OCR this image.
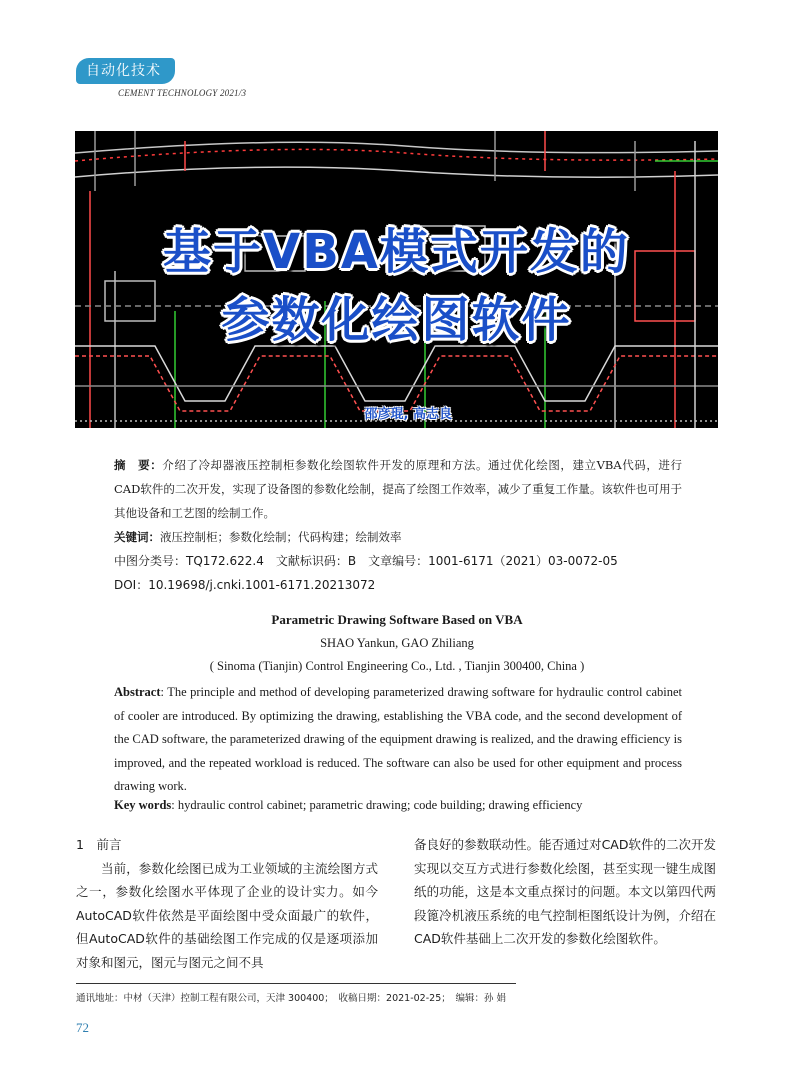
自动化技术
CEMENT TECHNOLOGY 2021/3
基于VBA模式开发的
参数化绘图软件
邵彦琨, 高志良

摘　要：介绍了冷却器液压控制柜参数化绘图软件开发的原理和方法。通过优化绘图，建立VBA代码，进行CAD软件的二次开发，实现了设备图的参数化绘制，提高了绘图工作效率，减少了重复工作量。该软件也可用于其他设备和工艺图的绘制工作。

关键词：液压控制柜；参数化绘制；代码构建；绘制效率

中图分类号：TQ172.622.4　文献标识码：B　文章编号：1001-6171（2021）03-0072-05

DOI：10.19698/j.cnki.1001-6171.20213072

Parametric Drawing Software Based on VBA
SHAO Yankun, GAO Zhiliang
( Sinoma (Tianjin) Control Engineering Co., Ltd. , Tianjin 300400, China )
Abstract: The principle and method of developing parameterized drawing software for hydraulic control cabinet of cooler are introduced. By optimizing the drawing, establishing the VBA code, and the second development of the CAD software, the parameterized drawing of the equipment drawing is realized, and the drawing efficiency is improved, and the repeated workload is reduced. The software can also be used for other equipment and process drawing work.
Key words: hydraulic control cabinet; parametric drawing; code building; drawing efficiency

1　前言

当前，参数化绘图已成为工业领域的主流绘图方式之一，参数化绘图水平体现了企业的设计实力。如今AutoCAD软件依然是平面绘图中受众面最广的软件，但AutoCAD软件的基础绘图工作完成的仅是逐项添加对象和图元，图元与图元之间不具

备良好的参数联动性。能否通过对CAD软件的二次开发实现以交互方式进行参数化绘图，甚至实现一键生成图纸的功能，这是本文重点探讨的问题。本文以第四代两段篦冷机液压系统的电气控制柜图纸设计为例，介绍在CAD软件基础上二次开发的参数化绘图软件。

通讯地址：中材（天津）控制工程有限公司，天津 300400；　收稿日期：2021-02-25；　编辑：孙 娟
72
